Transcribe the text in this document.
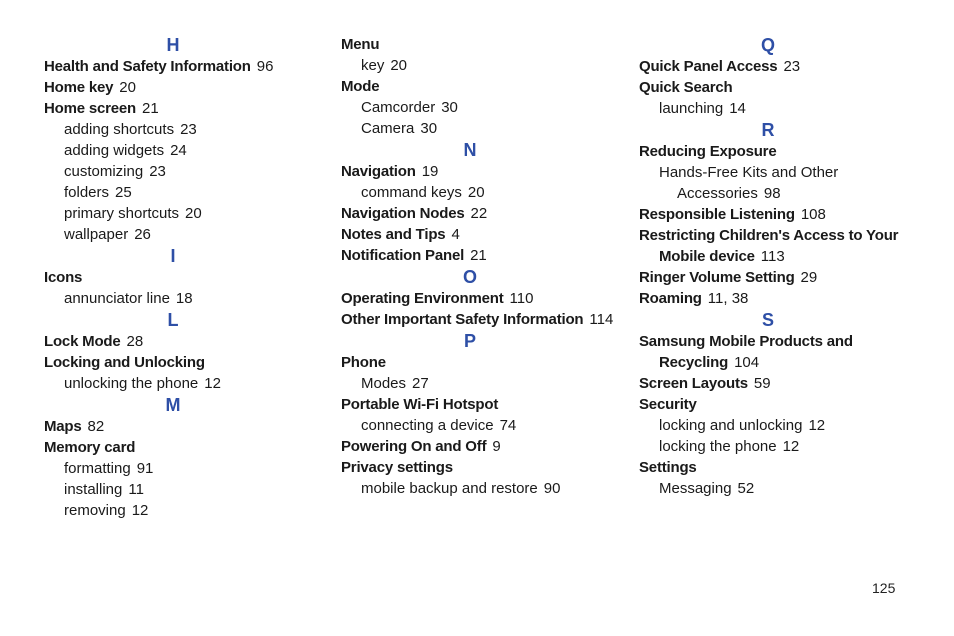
H
Health and Safety Information 96
Home key 20
Home screen 21
adding shortcuts 23
adding widgets 24
customizing 23
folders 25
primary shortcuts 20
wallpaper 26
I
Icons
annunciator line 18
L
Lock Mode 28
Locking and Unlocking
unlocking the phone 12
M
Maps 82
Memory card
formatting 91
installing 11
removing 12
Menu
key 20
Mode
Camcorder 30
Camera 30
N
Navigation 19
command keys 20
Navigation Nodes 22
Notes and Tips 4
Notification Panel 21
O
Operating Environment 110
Other Important Safety Information 114
P
Phone
Modes 27
Portable Wi-Fi Hotspot
connecting a device 74
Powering On and Off 9
Privacy settings
mobile backup and restore 90
Q
Quick Panel Access 23
Quick Search
launching 14
R
Reducing Exposure
Hands-Free Kits and Other
Accessories 98
Responsible Listening 108
Restricting Children's Access to Your
Mobile device 113
Ringer Volume Setting 29
Roaming 11, 38
S
Samsung Mobile Products and
Recycling 104
Screen Layouts 59
Security
locking and unlocking 12
locking the phone 12
Settings
Messaging 52
125
